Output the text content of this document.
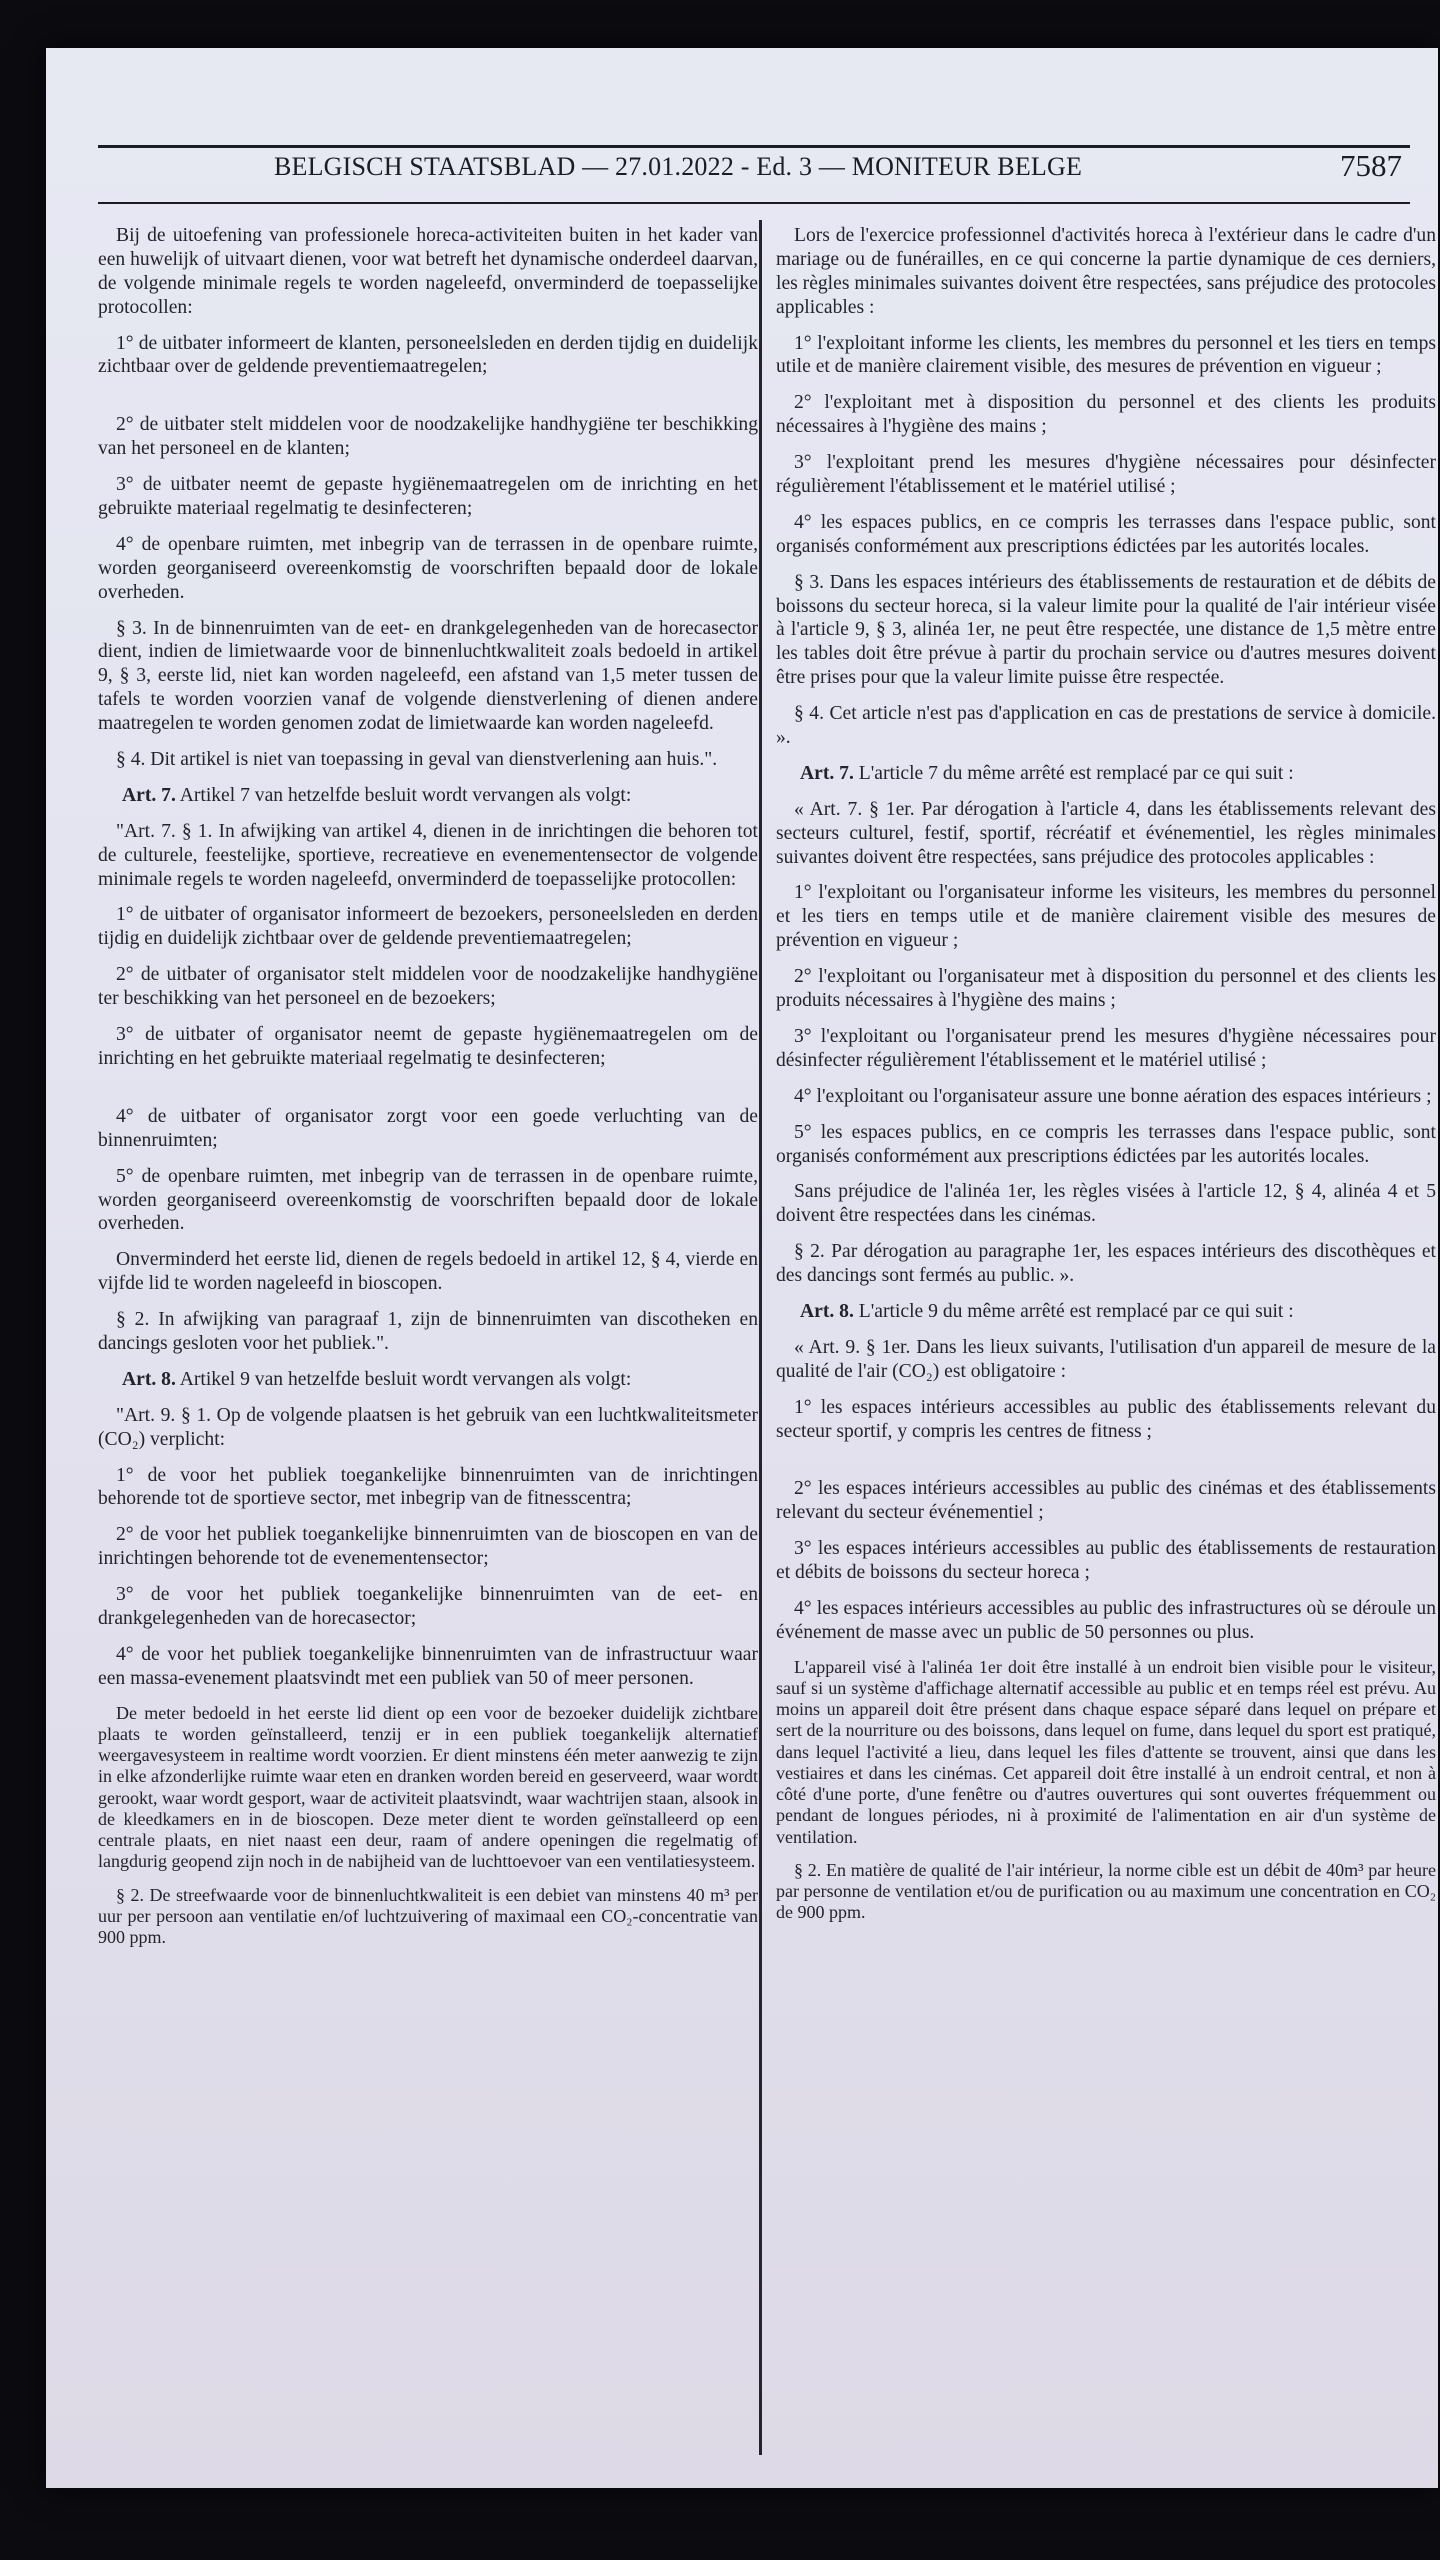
BELGISCH STAATSBLAD — 27.01.2022 - Ed. 3 — MONITEUR BELGE	7587

Bij de uitoefening van professionele horeca-activiteiten buiten in het kader van een huwelijk of uitvaart dienen, voor wat betreft het dynamische onderdeel daarvan, de volgende minimale regels te worden nageleefd, onverminderd de toepasselijke protocollen:

1° de uitbater informeert de klanten, personeelsleden en derden tijdig en duidelijk zichtbaar over de geldende preventiemaatregelen;

2° de uitbater stelt middelen voor de noodzakelijke handhygiëne ter beschikking van het personeel en de klanten;

3° de uitbater neemt de gepaste hygiënemaatregelen om de inrichting en het gebruikte materiaal regelmatig te desinfecteren;

4° de openbare ruimten, met inbegrip van de terrassen in de openbare ruimte, worden georganiseerd overeenkomstig de voorschriften bepaald door de lokale overheden.

§ 3. In de binnenruimten van de eet- en drankgelegenheden van de horecasector dient, indien de limietwaarde voor de binnenluchtkwaliteit zoals bedoeld in artikel 9, § 3, eerste lid, niet kan worden nageleefd, een afstand van 1,5 meter tussen de tafels te worden voorzien vanaf de volgende dienstverlening of dienen andere maatregelen te worden genomen zodat de limietwaarde kan worden nageleefd.

§ 4. Dit artikel is niet van toepassing in geval van dienstverlening aan huis.".

Art. 7. Artikel 7 van hetzelfde besluit wordt vervangen als volgt:

"Art. 7. § 1. In afwijking van artikel 4, dienen in de inrichtingen die behoren tot de culturele, feestelijke, sportieve, recreatieve en evenementensector de volgende minimale regels te worden nageleefd, onverminderd de toepasselijke protocollen:

1° de uitbater of organisator informeert de bezoekers, personeelsleden en derden tijdig en duidelijk zichtbaar over de geldende preventiemaatregelen;

2° de uitbater of organisator stelt middelen voor de noodzakelijke handhygiëne ter beschikking van het personeel en de bezoekers;

3° de uitbater of organisator neemt de gepaste hygiënemaatregelen om de inrichting en het gebruikte materiaal regelmatig te desinfecteren;

4° de uitbater of organisator zorgt voor een goede verluchting van de binnenruimten;

5° de openbare ruimten, met inbegrip van de terrassen in de openbare ruimte, worden georganiseerd overeenkomstig de voorschriften bepaald door de lokale overheden.

Onverminderd het eerste lid, dienen de regels bedoeld in artikel 12, § 4, vierde en vijfde lid te worden nageleefd in bioscopen.

§ 2. In afwijking van paragraaf 1, zijn de binnenruimten van discotheken en dancings gesloten voor het publiek.".

Art. 8. Artikel 9 van hetzelfde besluit wordt vervangen als volgt:

"Art. 9. § 1. Op de volgende plaatsen is het gebruik van een luchtkwaliteitsmeter (CO₂) verplicht:

1° de voor het publiek toegankelijke binnenruimten van de inrichtingen behorende tot de sportieve sector, met inbegrip van de fitnesscentra;

2° de voor het publiek toegankelijke binnenruimten van de bioscopen en van de inrichtingen behorende tot de evenementensector;

3° de voor het publiek toegankelijke binnenruimten van de eet- en drankgelegenheden van de horecasector;

4° de voor het publiek toegankelijke binnenruimten van de infrastructuur waar een massa-evenement plaatsvindt met een publiek van 50 of meer personen.

De meter bedoeld in het eerste lid dient op een voor de bezoeker duidelijk zichtbare plaats te worden geïnstalleerd, tenzij er in een publiek toegankelijk alternatief weergavesysteem in realtime wordt voorzien. Er dient minstens één meter aanwezig te zijn in elke afzonderlijke ruimte waar eten en dranken worden bereid en geserveerd, waar wordt gerookt, waar wordt gesport, waar de activiteit plaatsvindt, waar wachtrijen staan, alsook in de kleedkamers en in de bioscopen. Deze meter dient te worden geïnstalleerd op een centrale plaats, en niet naast een deur, raam of andere openingen die regelmatig of langdurig geopend zijn noch in de nabijheid van de luchttoevoer van een ventilatiesysteem.

§ 2. De streefwaarde voor de binnenluchtkwaliteit is een debiet van minstens 40 m³ per uur per persoon aan ventilatie en/of luchtzuivering of maximaal een CO₂-concentratie van 900 ppm.

Lors de l'exercice professionnel d'activités horeca à l'extérieur dans le cadre d'un mariage ou de funérailles, en ce qui concerne la partie dynamique de ces derniers, les règles minimales suivantes doivent être respectées, sans préjudice des protocoles applicables :

1° l'exploitant informe les clients, les membres du personnel et les tiers en temps utile et de manière clairement visible, des mesures de prévention en vigueur ;

2° l'exploitant met à disposition du personnel et des clients les produits nécessaires à l'hygiène des mains ;

3° l'exploitant prend les mesures d'hygiène nécessaires pour désinfecter régulièrement l'établissement et le matériel utilisé ;

4° les espaces publics, en ce compris les terrasses dans l'espace public, sont organisés conformément aux prescriptions édictées par les autorités locales.

§ 3. Dans les espaces intérieurs des établissements de restauration et de débits de boissons du secteur horeca, si la valeur limite pour la qualité de l'air intérieur visée à l'article 9, § 3, alinéa 1er, ne peut être respectée, une distance de 1,5 mètre entre les tables doit être prévue à partir du prochain service ou d'autres mesures doivent être prises pour que la valeur limite puisse être respectée.

§ 4. Cet article n'est pas d'application en cas de prestations de service à domicile. ».

Art. 7. L'article 7 du même arrêté est remplacé par ce qui suit :

« Art. 7. § 1er. Par dérogation à l'article 4, dans les établissements relevant des secteurs culturel, festif, sportif, récréatif et événementiel, les règles minimales suivantes doivent être respectées, sans préjudice des protocoles applicables :

1° l'exploitant ou l'organisateur informe les visiteurs, les membres du personnel et les tiers en temps utile et de manière clairement visible des mesures de prévention en vigueur ;

2° l'exploitant ou l'organisateur met à disposition du personnel et des clients les produits nécessaires à l'hygiène des mains ;

3° l'exploitant ou l'organisateur prend les mesures d'hygiène nécessaires pour désinfecter régulièrement l'établissement et le matériel utilisé ;

4° l'exploitant ou l'organisateur assure une bonne aération des espaces intérieurs ;

5° les espaces publics, en ce compris les terrasses dans l'espace public, sont organisés conformément aux prescriptions édictées par les autorités locales.

Sans préjudice de l'alinéa 1er, les règles visées à l'article 12, § 4, alinéa 4 et 5 doivent être respectées dans les cinémas.

§ 2. Par dérogation au paragraphe 1er, les espaces intérieurs des discothèques et des dancings sont fermés au public. ».

Art. 8. L'article 9 du même arrêté est remplacé par ce qui suit :

« Art. 9. § 1er. Dans les lieux suivants, l'utilisation d'un appareil de mesure de la qualité de l'air (CO₂) est obligatoire :

1° les espaces intérieurs accessibles au public des établissements relevant du secteur sportif, y compris les centres de fitness ;

2° les espaces intérieurs accessibles au public des cinémas et des établissements relevant du secteur événementiel ;

3° les espaces intérieurs accessibles au public des établissements de restauration et débits de boissons du secteur horeca ;

4° les espaces intérieurs accessibles au public des infrastructures où se déroule un événement de masse avec un public de 50 personnes ou plus.

L'appareil visé à l'alinéa 1er doit être installé à un endroit bien visible pour le visiteur, sauf si un système d'affichage alternatif accessible au public et en temps réel est prévu. Au moins un appareil doit être présent dans chaque espace séparé dans lequel on prépare et sert de la nourriture ou des boissons, dans lequel on fume, dans lequel du sport est pratiqué, dans lequel l'activité a lieu, dans lequel les files d'attente se trouvent, ainsi que dans les vestiaires et dans les cinémas. Cet appareil doit être installé à un endroit central, et non à côté d'une porte, d'une fenêtre ou d'autres ouvertures qui sont ouvertes fréquemment ou pendant de longues périodes, ni à proximité de l'alimentation en air d'un système de ventilation.

§ 2. En matière de qualité de l'air intérieur, la norme cible est un débit de 40m³ par heure par personne de ventilation et/ou de purification ou au maximum une concentration en CO₂ de 900 ppm.
